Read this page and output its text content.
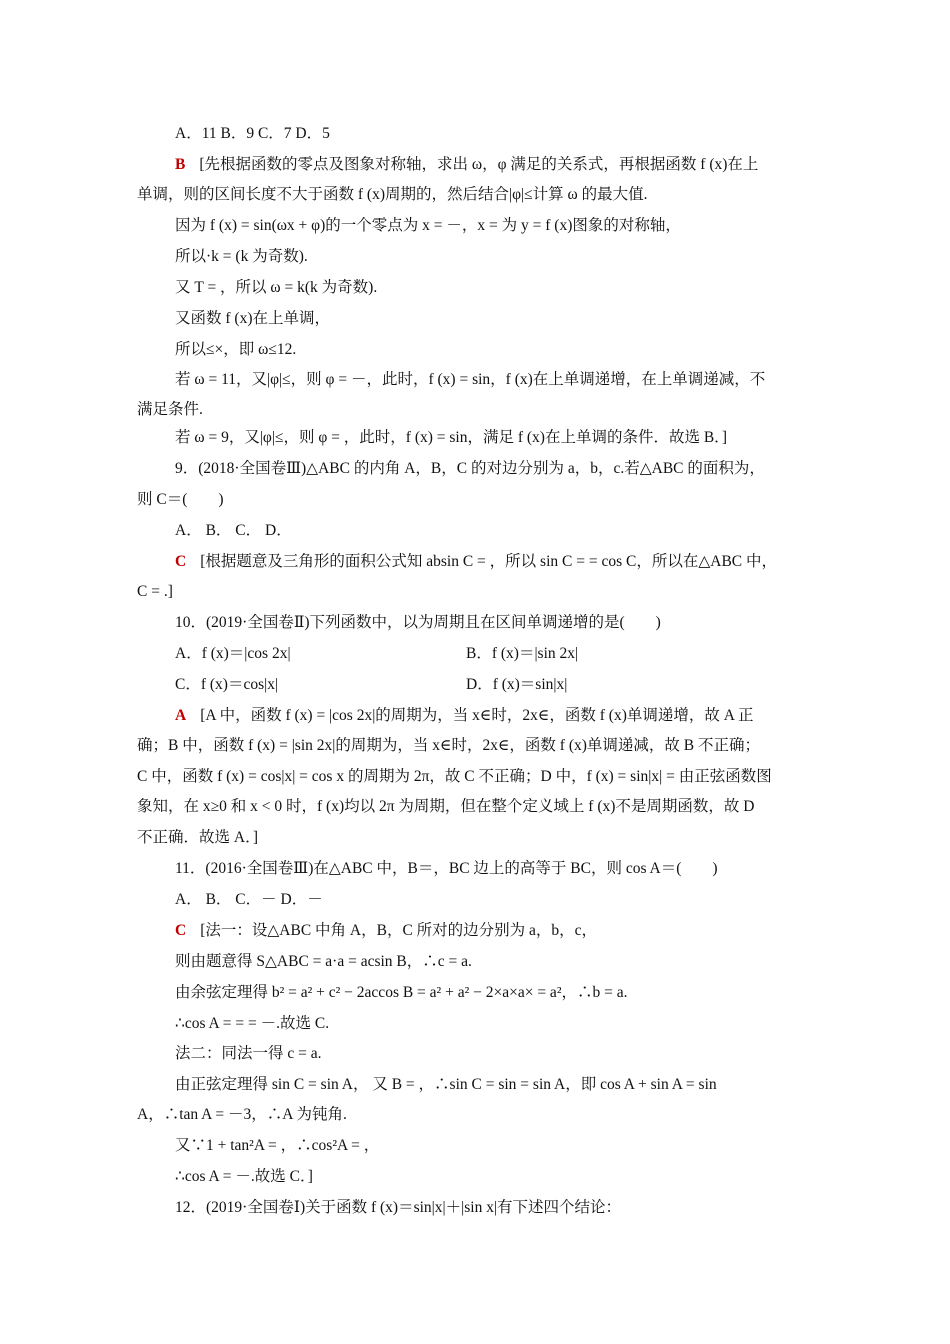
A．11 B．9 C．7 D．5
B [先根据函数的零点及图象对称轴，求出 ω，φ 满足的关系式，再根据函数 f (x)在上
单调，则的区间长度不大于函数 f (x)周期的，然后结合|φ|≤计算 ω 的最大值.
因为 f (x) = sin(ωx + φ)的一个零点为 x = －，x = 为 y = f (x)图象的对称轴，
所以·k = (k 为奇数).
又 T = ，所以 ω = k(k 为奇数).
又函数 f (x)在上单调，
所以≤×，即 ω≤12.
若 ω = 11，又|φ|≤，则 φ = －，此时，f (x) = sin，f (x)在上单调递增，在上单调递减，不
满足条件.
若 ω = 9，又|φ|≤，则 φ = ，此时，f (x) = sin，满足 f (x)在上单调的条件．故选 B．]
9．(2018·全国卷Ⅲ)△ABC 的内角 A，B，C 的对边分别为 a，b，c.若△ABC 的面积为，
则 C＝(　　)
A． B． C． D．
C [根据题意及三角形的面积公式知 absin C = ，所以 sin C = = cos C，所以在△ABC 中，
C = .]
10．(2019·全国卷Ⅱ)下列函数中，以为周期且在区间单调递增的是(　　)
A．f (x)＝|cos 2x|	B．f (x)＝|sin 2x|
C．f (x)＝cos|x|	D．f (x)＝sin|x|
A [A 中，函数 f (x) = |cos 2x|的周期为，当 x∈时，2x∈，函数 f (x)单调递增，故 A 正
确；B 中，函数 f (x) = |sin 2x|的周期为，当 x∈时，2x∈，函数 f (x)单调递减，故 B 不正确；
C 中，函数 f (x) = cos|x| = cos x 的周期为 2π，故 C 不正确；D 中，f (x) = sin|x| = 由正弦函数图
象知，在 x≥0 和 x < 0 时，f (x)均以 2π 为周期，但在整个定义域上 f (x)不是周期函数，故 D
不正确．故选 A．]
11．(2016·全国卷Ⅲ)在△ABC 中，B＝，BC 边上的高等于 BC，则 cos A＝(　　)
A． B． C．－ D．－
C [法一：设△ABC 中角 A，B，C 所对的边分别为 a，b，c，
则由题意得 S△ABC = a·a = acsin B，∴c = a.
由余弦定理得 b² = a² + c² − 2accos B = a² + a² − 2×a×a× = a²，∴b = a.
∴cos A = = = －.故选 C.
法二：同法一得 c = a.
由正弦定理得 sin C = sin A， 又 B = ，∴sin C = sin = sin A，即 cos A + sin A = sin
A，∴tan A = －3，∴A 为钝角.
又∵1 + tan²A = ，∴cos²A = ，
∴cos A = －.故选 C．]
12．(2019·全国卷Ⅰ)关于函数 f (x)＝sin|x|＋|sin x|有下述四个结论：
